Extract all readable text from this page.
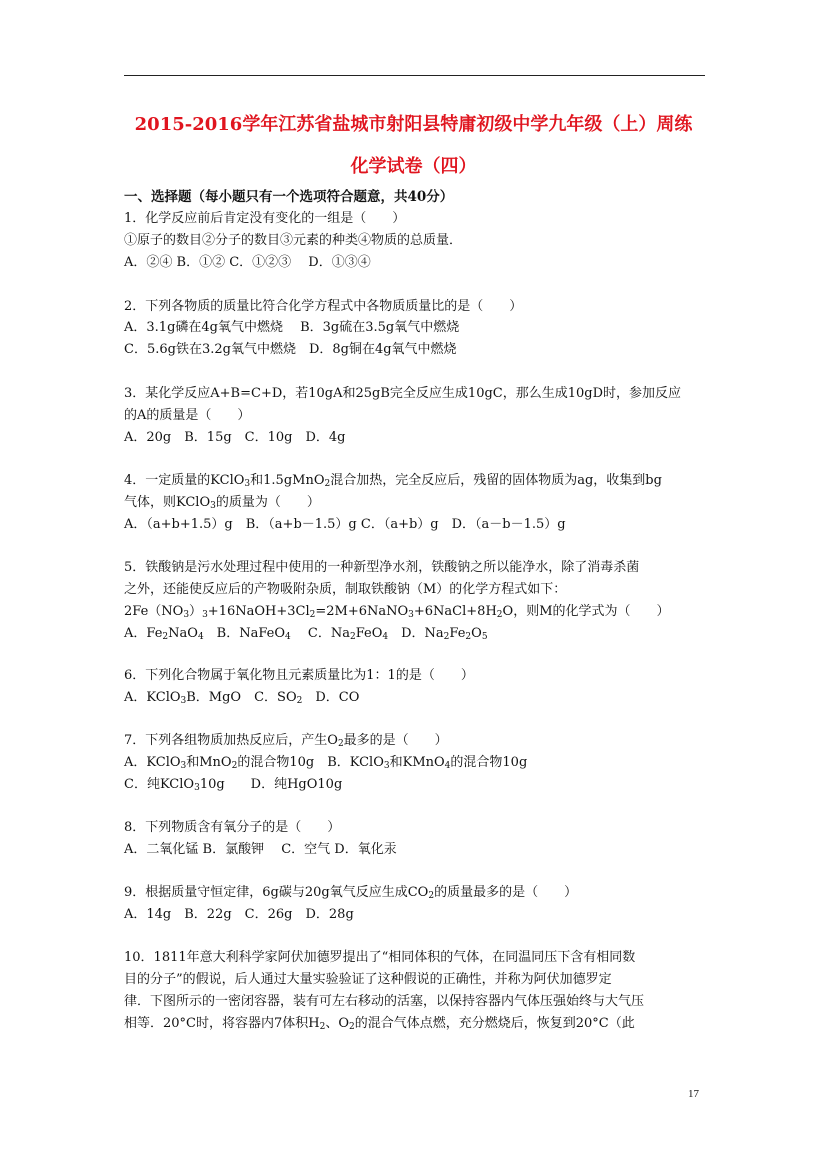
2015-2016学年江苏省盐城市射阳县特庸初级中学九年级（上）周练
化学试卷（四）
一、选择题（每小题只有一个选项符合题意，共40分）
1．化学反应前后肯定没有变化的一组是（　　）
①原子的数目②分子的数目③元素的种类④物质的总质量．
A．②④ B．①② C．①②③　 D．①③④
2．下列各物质的质量比符合化学方程式中各物质质量比的是（　　）
A．3.1g磷在4g氧气中燃烧　 B．3g硫在3.5g氧气中燃烧
C．5.6g铁在3.2g氧气中燃烧　D．8g铜在4g氧气中燃烧
3．某化学反应A+B=C+D，若10gA和25gB完全反应生成10gC，那么生成10gD时，参加反应
的A的质量是（　　）
A．20g　B．15g　C．10g　D．4g
4．一定质量的KClO$_3$和1.5gMnO$_2$混合加热，完全反应后，残留的固体物质为ag，收集到bg
气体，则KClO$_3$的质量为（　　）
A．（a+b+1.5）g　B．（a+b－1.5）g C．（a+b）g　D．（a－b－1.5）g
5．铁酸钠是污水处理过程中使用的一种新型净水剂，铁酸钠之所以能净水，除了消毒杀菌
之外，还能使反应后的产物吸附杂质，制取铁酸钠（M）的化学方程式如下：
$2Fe(NO_3)_3+16NaOH+3Cl_2=2M+6NaNO_3+6NaCl+8H_2O$，则M的化学式为（　　）
A．$Fe_2NaO_4$　B．NaFeO$_4$　 C．$Na_2FeO_4$　D．$Na_2Fe_2O_5$
6．下列化合物属于氧化物且元素质量比为1：1的是（　　）
A．KClO$_3$B．MgO　C．$SO_2$　D．CO
7．下列各组物质加热反应后，产生$O_2$最多的是（　　）
A．KClO$_3$和MnO$_2$的混合物10g　B．KClO$_3$和KMnO$_4$的混合物10g
C．纯KClO$_3$10g　　D．纯HgO10g
8．下列物质含有氧分子的是（　　）
A．二氧化锰 B．氯酸钾　 C．空气 D．氧化汞
9．根据质量守恒定律，6g碳与20g氧气反应生成$CO_2$的质量最多的是（　　）
A．14g　B．22g　C．26g　D．28g
10．1811年意大利科学家阿伏加德罗提出了“相同体积的气体，在同温同压下含有相同数
目的分子”的假说，后人通过大量实验验证了这种假说的正确性，并称为阿伏加德罗定
律．下图所示的一密闭容器，装有可左右移动的活塞，以保持容器内气体压强始终与大气压
相等．20°C时，将容器内7体积$H_2$、$O_2$的混合气体点燃，充分燃烧后，恢复到20°C（此
17
